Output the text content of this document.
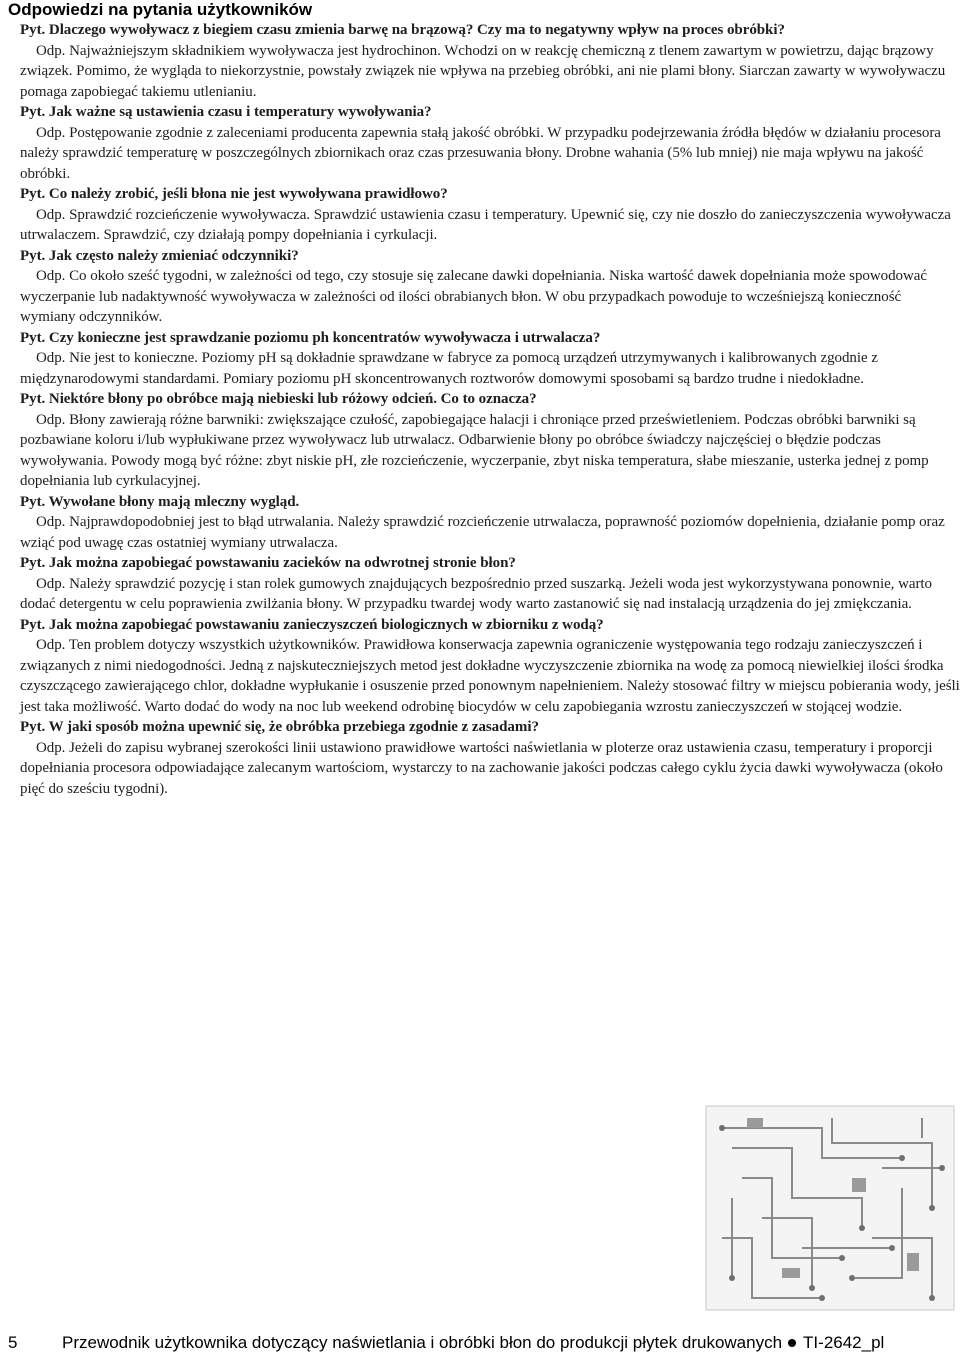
Odpowiedzi na pytania użytkowników

Pyt. Dlaczego wywoływacz z biegiem czasu zmienia barwę na brązową? Czy ma to negatywny wpływ na proces obróbki?

Odp. Najważniejszym składnikiem wywoływacza jest hydrochinon. Wchodzi on w reakcję chemiczną z tlenem zawartym w powietrzu, dając brązowy związek. Pomimo, że wygląda to niekorzystnie, powstały związek nie wpływa na przebieg obróbki, ani nie plami błony. Siarczan zawarty w wywoływaczu pomaga zapobiegać takiemu utlenianiu.

Pyt. Jak ważne są ustawienia czasu i temperatury wywoływania?

Odp. Postępowanie zgodnie z zaleceniami producenta zapewnia stałą jakość obróbki. W przypadku podejrzewania źródła błędów w działaniu procesora należy sprawdzić temperaturę w poszczególnych zbiornikach oraz czas przesuwania błony. Drobne wahania (5% lub mniej) nie maja wpływu na jakość obróbki.

Pyt. Co należy zrobić, jeśli błona nie jest wywoływana prawidłowo?

Odp. Sprawdzić rozcieńczenie wywoływacza. Sprawdzić ustawienia czasu i temperatury. Upewnić się, czy nie doszło do zanieczyszczenia wywoływacza utrwalaczem. Sprawdzić, czy działają pompy dopełniania i cyrkulacji.

Pyt. Jak często należy zmieniać odczynniki?

Odp. Co około sześć tygodni, w zależności od tego, czy stosuje się zalecane dawki dopełniania. Niska wartość dawek dopełniania może spowodować wyczerpanie lub nadaktywność wywoływacza w zależności od ilości obrabianych błon. W obu przypadkach powoduje to wcześniejszą konieczność wymiany odczynników.

Pyt. Czy konieczne jest sprawdzanie poziomu ph koncentratów wywoływacza i utrwalacza?

Odp. Nie jest to konieczne. Poziomy pH są dokładnie sprawdzane w fabryce za pomocą urządzeń utrzymywanych i kalibrowanych zgodnie z międzynarodowymi standardami. Pomiary poziomu pH skoncentrowanych roztworów domowymi sposobami są bardzo trudne i niedokładne.

Pyt. Niektóre błony po obróbce mają niebieski lub różowy odcień. Co to oznacza?

Odp. Błony zawierają różne barwniki: zwiększające czułość, zapobiegające halacji i chroniące przed prześwietleniem. Podczas obróbki barwniki są pozbawiane koloru i/lub wypłukiwane przez wywoływacz lub utrwalacz. Odbarwienie błony po obróbce świadczy najczęściej o błędzie podczas wywoływania. Powody mogą być różne: zbyt niskie pH, złe rozcieńczenie, wyczerpanie, zbyt niska temperatura, słabe mieszanie, usterka jednej z pomp dopełniania lub cyrkulacyjnej.

Pyt. Wywołane błony mają mleczny wygląd.

Odp. Najprawdopodobniej jest to błąd utrwalania. Należy sprawdzić rozcieńczenie utrwalacza, poprawność poziomów dopełnienia, działanie pomp oraz wziąć pod uwagę czas ostatniej wymiany utrwalacza.

Pyt. Jak można zapobiegać powstawaniu zacieków na odwrotnej stronie błon?

Odp. Należy sprawdzić pozycję i stan rolek gumowych znajdujących bezpośrednio przed suszarką. Jeżeli woda jest wykorzystywana ponownie, warto dodać detergentu w celu poprawienia zwilżania błony. W przypadku twardej wody warto zastanowić się nad instalacją urządzenia do jej zmiękczania.

Pyt. Jak można zapobiegać powstawaniu zanieczyszczeń biologicznych w zbiorniku z wodą?

Odp. Ten problem dotyczy wszystkich użytkowników. Prawidłowa konserwacja zapewnia ograniczenie występowania tego rodzaju zanieczyszczeń i związanych z nimi niedogodności. Jedną z najskuteczniejszych metod jest dokładne wyczyszczenie zbiornika na wodę za pomocą niewielkiej ilości środka czyszczącego zawierającego chlor, dokładne wypłukanie i osuszenie przed ponownym napełnieniem. Należy stosować filtry w miejscu pobierania wody, jeśli jest taka możliwość. Warto dodać do wody na noc lub weekend odrobinę biocydów w celu zapobiegania wzrostu zanieczyszczeń w stojącej wodzie.

Pyt. W jaki sposób można upewnić się, że obróbka przebiega zgodnie z zasadami?

Odp. Jeżeli do zapisu wybranej szerokości linii ustawiono prawidłowe wartości naświetlania w ploterze oraz ustawienia czasu, temperatury i proporcji dopełniania procesora odpowiadające zalecanym wartościom, wystarczy to na zachowanie jakości podczas całego cyklu życia dawki wywoływacza (około pięć do sześciu tygodni).

5	Przewodnik użytkownika dotyczący naświetlania i obróbki błon do produkcji płytek drukowanych TI-2642_pl
